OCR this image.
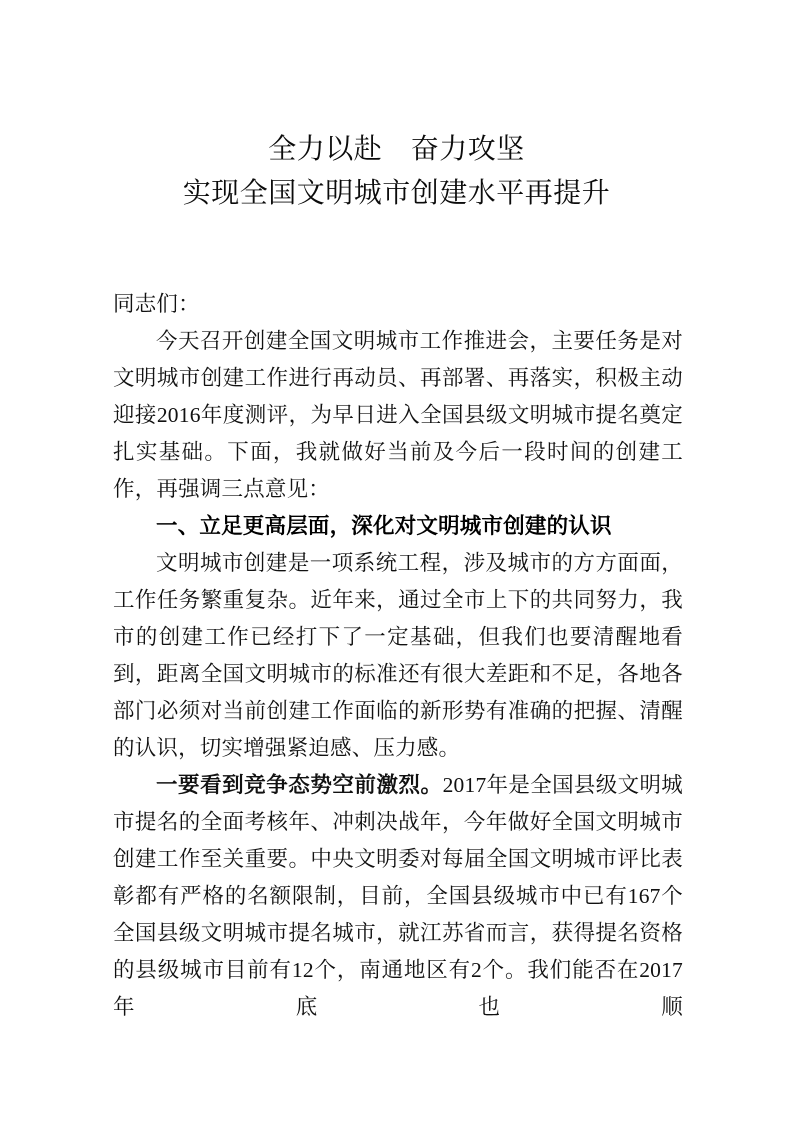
全力以赴　奋力攻坚
实现全国文明城市创建水平再提升

同志们：

今天召开创建全国文明城市工作推进会，主要任务是对文明城市创建工作进行再动员、再部署、再落实，积极主动迎接2016年度测评，为早日进入全国县级文明城市提名奠定扎实基础。下面，我就做好当前及今后一段时间的创建工作，再强调三点意见：

一、立足更高层面，深化对文明城市创建的认识

文明城市创建是一项系统工程，涉及城市的方方面面，工作任务繁重复杂。近年来，通过全市上下的共同努力，我市的创建工作已经打下了一定基础，但我们也要清醒地看到，距离全国文明城市的标准还有很大差距和不足，各地各部门必须对当前创建工作面临的新形势有准确的把握、清醒的认识，切实增强紧迫感、压力感。

一要看到竞争态势空前激烈。2017年是全国县级文明城市提名的全面考核年、冲刺决战年，今年做好全国文明城市创建工作至关重要。中央文明委对每届全国文明城市评比表彰都有严格的名额限制，目前，全国县级城市中已有167个全国县级文明城市提名城市，就江苏省而言，获得提名资格的县级城市目前有12个，南通地区有2个。我们能否在2017年底也顺
